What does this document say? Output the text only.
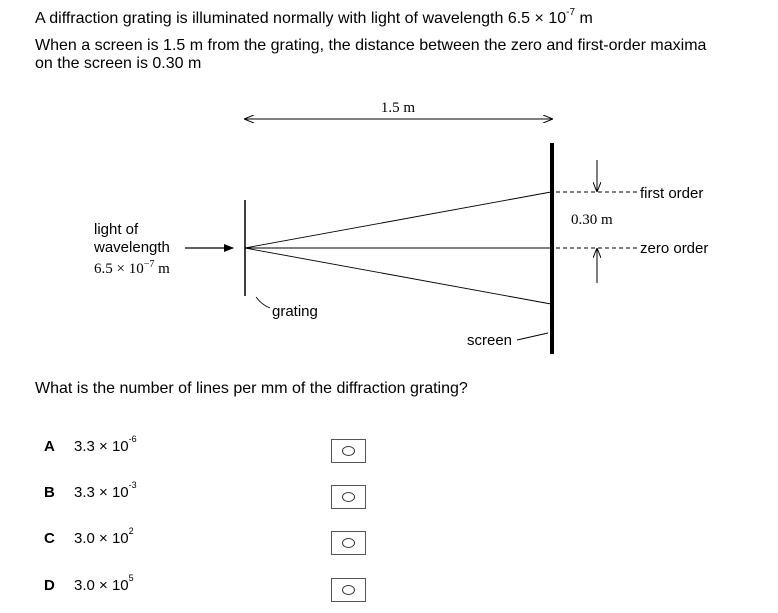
A diffraction grating is illuminated normally with light of wavelength $6.5 \times 10^{-7}$ m
When a screen is 1.5 m from the grating, the distance between the zero and first-order maxima
on the screen is 0.30 m
1.5 m
0.30 m
first order
zero order
light of
wavelength
$6.5 \times 10^{-7}$ m
grating
screen
What is the number of lines per mm of the diffraction grating?
A $3.3 \times 10^{-6}$
B $3.3 \times 10^{-3}$
C $3.0 \times 10^2$
D $3.0 \times 10^5$
